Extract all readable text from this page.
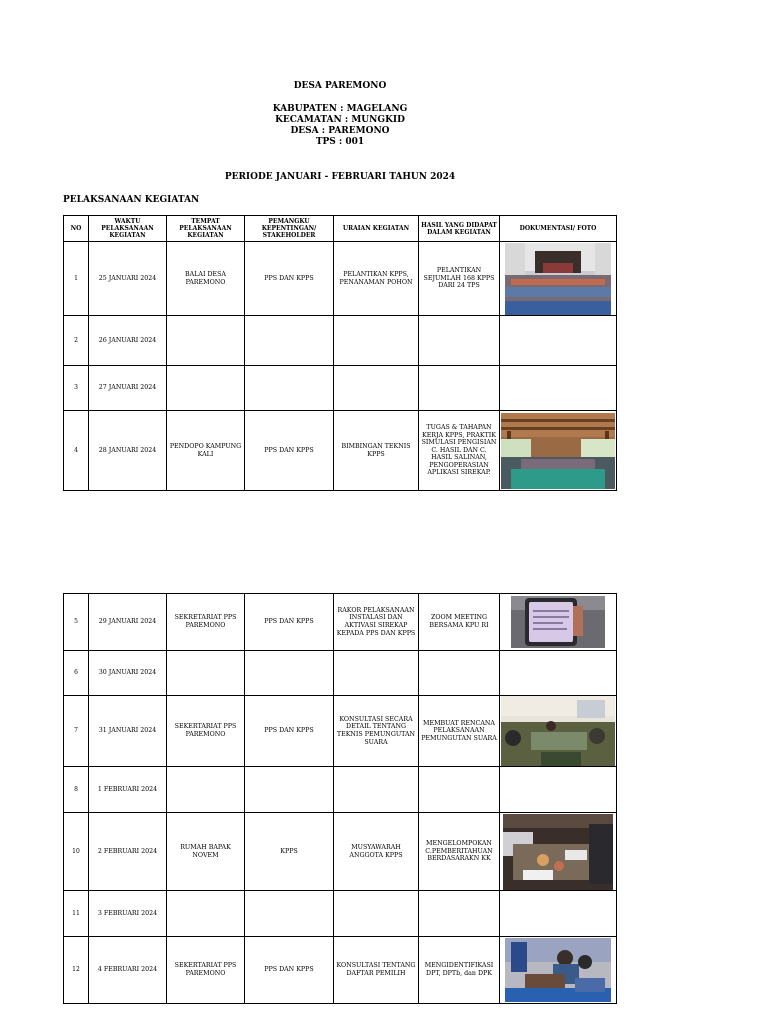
DESA PAREMONO
KABUPATEN : MAGELANG
KECAMATAN : MUNGKID
DESA : PAREMONO
TPS : 001
PERIODE JANUARI - FEBRUARI TAHUN 2024
PELAKSANAAN KEGIATAN
NO	WAKTU PELAKSANAAN KEGIATAN	TEMPAT PELAKSANAAN KEGIATAN	PEMANGKU KEPENTINGAN/ STAKEHOLDER	URAIAN KEGIATAN	HASIL YANG DIDAPAT DALAM KEGIATAN	DOKUMENTASI/ FOTO
1	25 JANUARI 2024	BALAI DESA PAREMONO	PPS DAN KPPS	PELANTIKAN KPPS, PENANAMAN POHON	PELANTIKAN SEJUMLAH 168 KPPS DARI 24 TPS	

2	26 JANUARI 2024					
3	27 JANUARI 2024					
4	28 JANUARI 2024	PENDOPO KAMPUNG KALI	PPS DAN KPPS	BIMBINGAN TEKNIS KPPS	TUGAS & TAHAPAN KERJA KPPS, PRAKTIK SIMULASI PENGISIAN C. HASIL DAN C. HASIL SALINAN, PENGOPERASIAN APLIKASI SIREKAP.	
5	29 JANUARI 2024	SEKRETARIAT PPS PAREMONO	PPS DAN KPPS	RAKOR PELAKSANAAN INSTALASI DAN AKTIVASI SIREKAP KEPADA PPS DAN KPPS	ZOOM MEETING BERSAMA KPU RI	

6	30 JANUARI 2024					
7	31 JANUARI 2024	SEKERTARIAT PPS PAREMONO	PPS DAN KPPS	KONSULTASI SECARA DETAIL TENTANG TEKNIS PEMUNGUTAN SUARA	MEMBUAT RENCANA PELAKSANAAN PEMUNGUTAN SUARA	

8	1 FEBRUARI 2024					
10	2 FEBRUARI 2024	RUMAH BAPAK NOVEM	KPPS	MUSYAWARAH ANGGOTA KPPS	MENGELOMPOKAN C.PEMBERITAHUAN BERDASARAKN KK	

11	3 FEBRUARI 2024					
12	4 FEBRUARI 2024	SEKERTARIAT PPS PAREMONO	PPS DAN KPPS	KONSULTASI TENTANG DAFTAR PEMILIH	MENGIDENTIFIKASI DPT, DPTb, dan DPK	
